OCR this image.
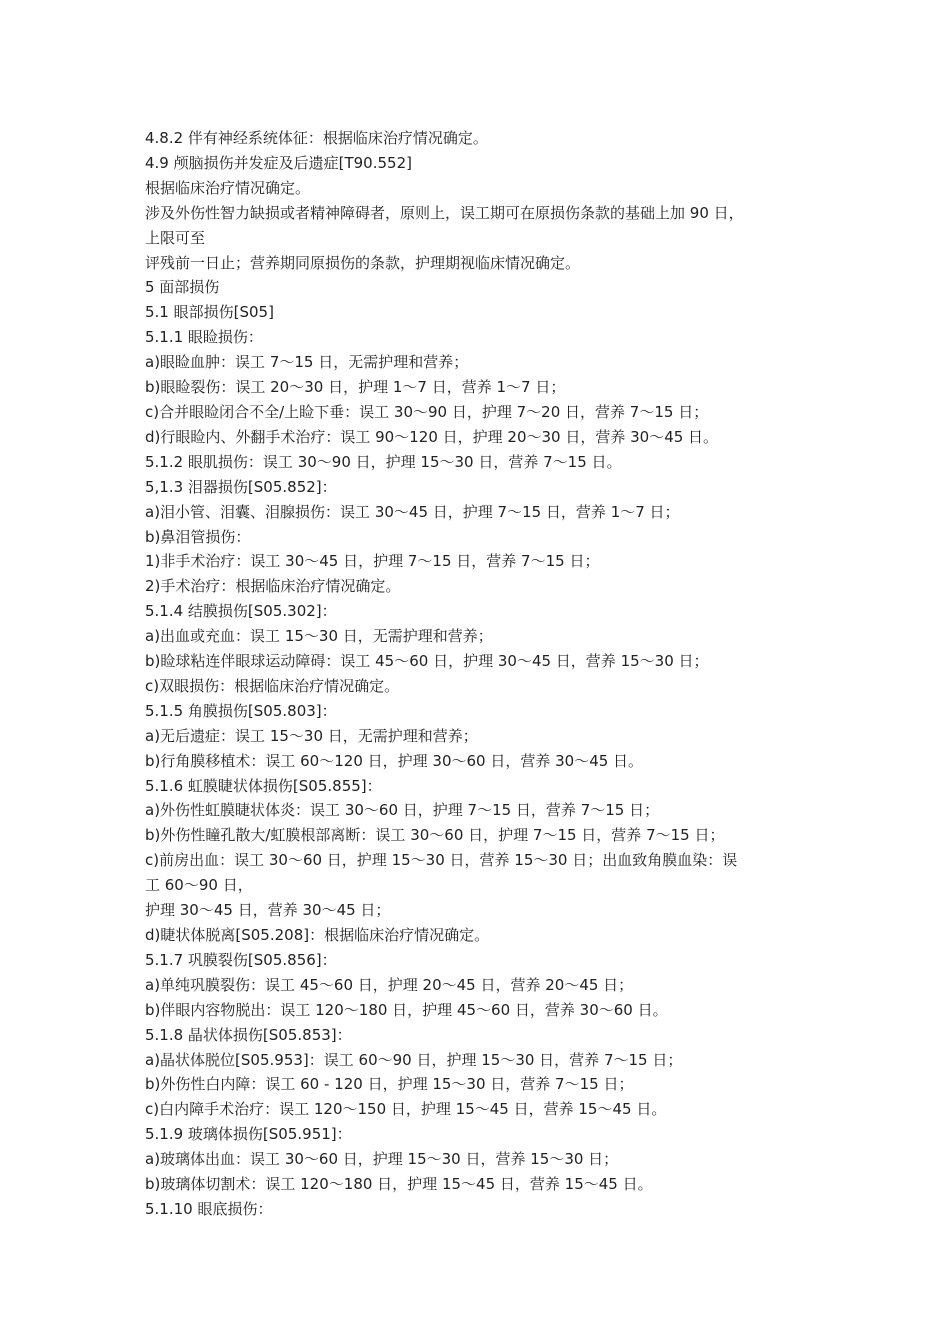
4.8.2 伴有神经系统体征：根据临床治疗情况确定。
4.9 颅脑损伤并发症及后遗症[T90.552]
根据临床治疗情况确定。
涉及外伤性智力缺损或者精神障碍者，原则上，误工期可在原损伤条款的基础上加 90 日，
上限可至
评残前一日止；营养期同原损伤的条款，护理期视临床情况确定。
5 面部损伤
5.1 眼部损伤[S05]
5.1.1 眼睑损伤：
a)眼睑血肿：误工 7～15 日，无需护理和营养；
b)眼睑裂伤：误工 20～30 日，护理 1～7 日，营养 1～7 日；
c)合并眼睑闭合不全/上睑下垂：误工 30～90 日，护理 7～20 日，营养 7～15 日；
d)行眼睑内、外翻手术治疗：误工 90～120 日，护理 20～30 日，营养 30～45 日。
5.1.2 眼肌损伤：误工 30～90 日，护理 15～30 日，营养 7～15 日。
5,1.3 泪器损伤[S05.852]：
a)泪小管、泪囊、泪腺损伤：误工 30～45 日，护理 7～15 日，营养 1～7 日；
b)鼻泪管损伤：
1)非手术治疗：误工 30～45 日，护理 7～15 日，营养 7～15 日；
2)手术治疗：根据临床治疗情况确定。
5.1.4 结膜损伤[S05.302]：
a)出血或充血：误工 15～30 日，无需护理和营养；
b)睑球粘连伴眼球运动障碍：误工 45～60 日，护理 30～45 日，营养 15～30 日；
c)双眼损伤：根据临床治疗情况确定。
5.1.5 角膜损伤[S05.803]：
a)无后遗症：误工 15～30 日，无需护理和营养；
b)行角膜移植术：误工 60～120 日，护理 30～60 日，营养 30～45 日。
5.1.6 虹膜睫状体损伤[S05.855]：
a)外伤性虹膜睫状体炎：误工 30～60 日，护理 7～15 日，营养 7～15 日；
b)外伤性瞳孔散大/虹膜根部离断：误工 30～60 日，护理 7～15 日，营养 7～15 日；
c)前房出血：误工 30～60 日，护理 15～30 日，营养 15～30 日；出血致角膜血染：误
工 60～90 日，
护理 30～45 日，营养 30～45 日；
d)睫状体脱离[S05.208]：根据临床治疗情况确定。
5.1.7 巩膜裂伤[S05.856]：
a)单纯巩膜裂伤：误工 45～60 日，护理 20～45 日，营养 20～45 日；
b)伴眼内容物脱出：误工 120～180 日，护理 45～60 日，营养 30～60 日。
5.1.8 晶状体损伤[S05.853]：
a)晶状体脱位[S05.953]：误工 60～90 日，护理 15～30 日，营养 7～15 日；
b)外伤性白内障：误工 60 - 120 日，护理 15～30 日，营养 7～15 日；
c)白内障手术治疗：误工 120～150 日，护理 15～45 日，营养 15～45 日。
5.1.9 玻璃体损伤[S05.951]：
a)玻璃体出血：误工 30～60 日，护理 15～30 日，营养 15～30 日；
b)玻璃体切割术：误工 120～180 日，护理 15～45 日，营养 15～45 日。
5.1.10 眼底损伤：
